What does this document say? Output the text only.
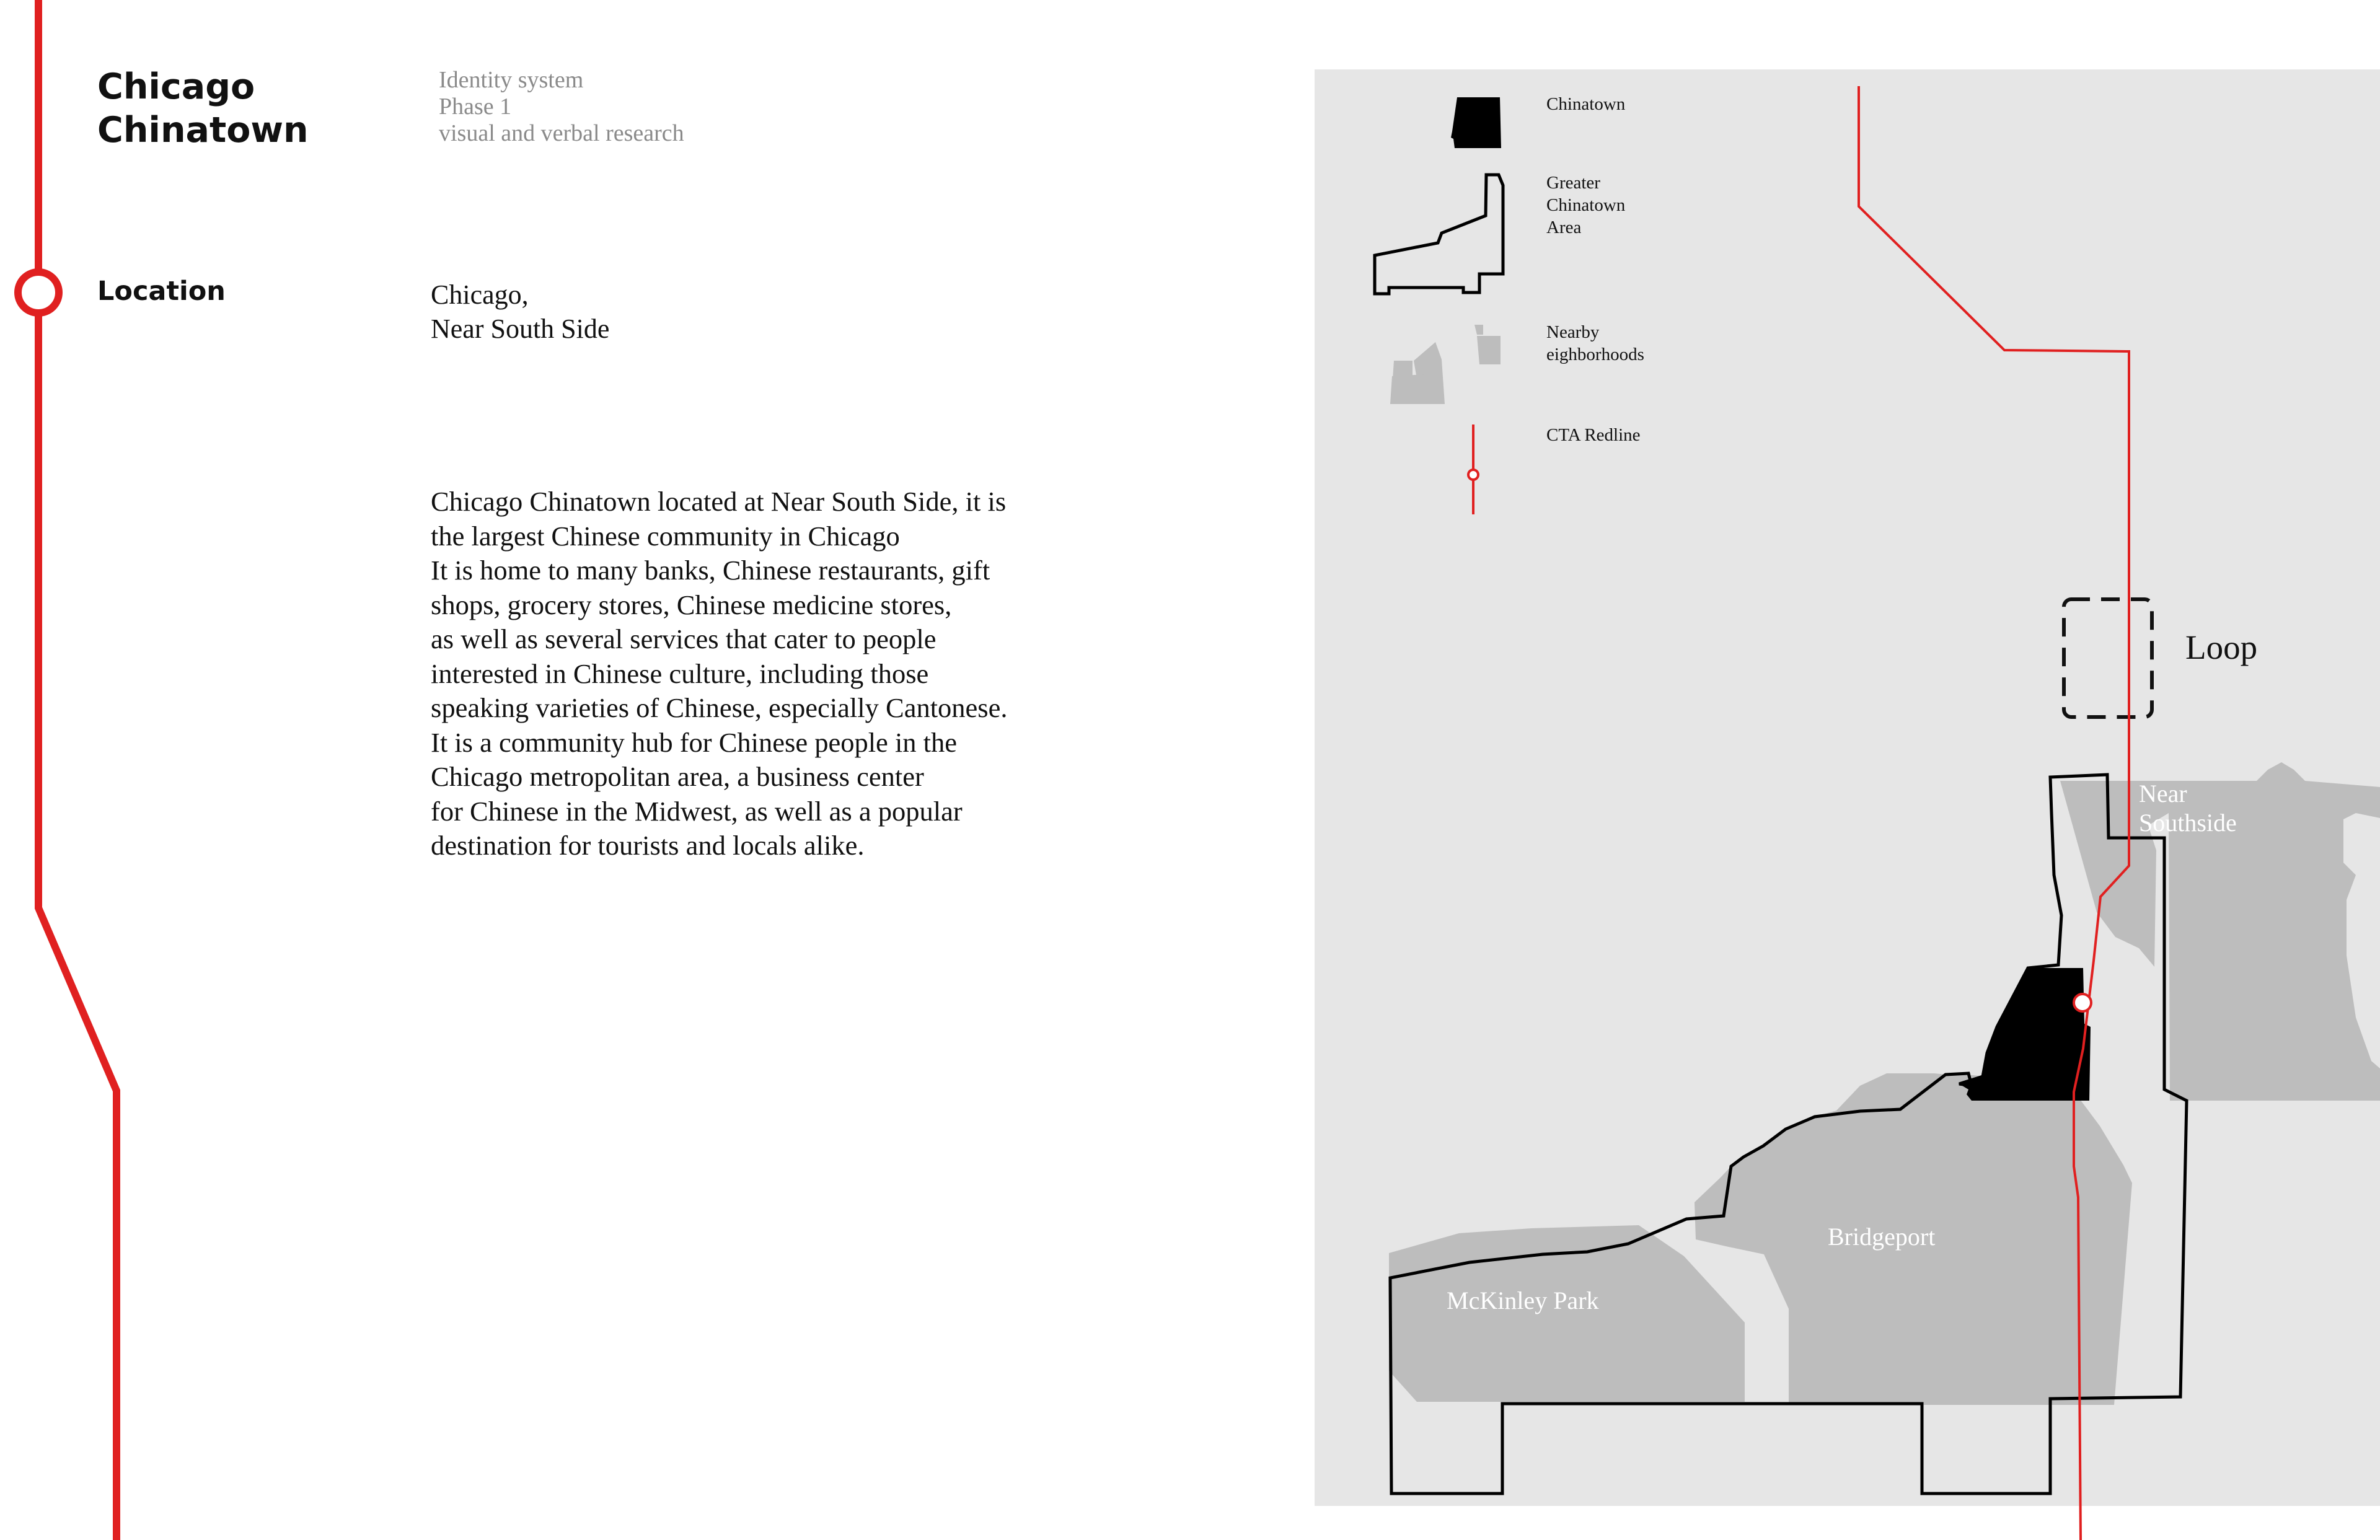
Chicago
Chinatown
Identity system
Phase 1
visual and verbal research
Location	Chicago,
Near South Side
Chicago Chinatown located at Near South Side, it is
the largest Chinese community in Chicago
It is home to many banks, Chinese restaurants, gift
shops, grocery stores, Chinese medicine stores,
as well as several services that cater to people
interested in Chinese culture, including those
speaking varieties of Chinese, especially Cantonese.
It is a community hub for Chinese people in the
Chicago metropolitan area, a business center
for Chinese in the Midwest, as well as a popular
destination for tourists and locals alike.
Chinatown
Greater Chinatown Area
Nearby eighborhoods
CTA Redline
Loop
Near Southside
Bridgeport
McKinley Park
